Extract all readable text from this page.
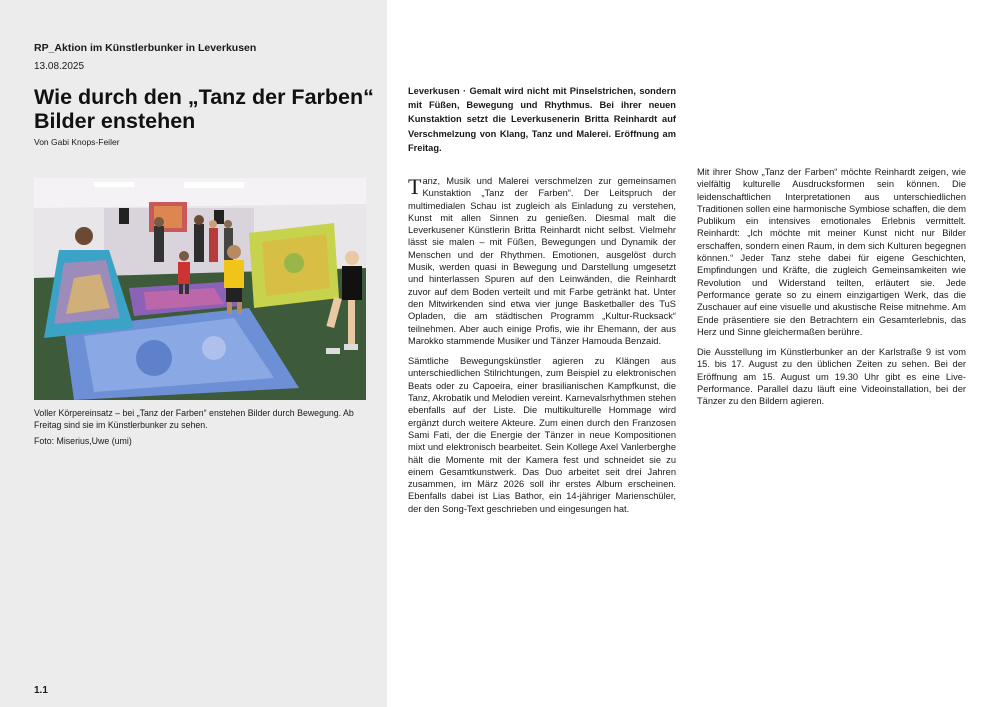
RP_Aktion im Künstlerbunker in Leverkusen
13.08.2025
Wie durch den „Tanz der Farben“ Bilder enstehen
Von Gabi Knops-Feiler
Voller Körpereinsatz – bei „Tanz der Farben“ enstehen Bilder durch Bewegung. Ab Freitag sind sie im Künstlerbunker zu sehen.
Foto: Miserius,Uwe (umi)
1.1

Leverkusen · Gemalt wird nicht mit Pinselstrichen, sondern mit Füßen, Bewegung und Rhythmus. Bei ihrer neuen Kunstaktion setzt die Leverkusenerin Britta Reinhardt auf Verschmelzung von Klang, Tanz und Malerei. Eröffnung am Freitag.

Tanz, Musik und Malerei verschmelzen zur gemeinsamen Kunstaktion „Tanz der Farben“. Der Leitspruch der multimedialen Schau ist zugleich als Einladung zu verstehen, Kunst mit allen Sinnen zu genießen. Diesmal malt die Leverkusener Künstlerin Britta Reinhardt nicht selbst. Vielmehr lässt sie malen – mit Füßen, Bewegungen und Dynamik der Menschen und der Rhythmen. Emotionen, ausgelöst durch Musik, werden quasi in Bewegung und Darstellung umgesetzt und hinterlassen Spuren auf den Leinwänden, die Reinhardt zuvor auf dem Boden verteilt und mit Farbe getränkt hat. Unter den Mitwirkenden sind etwa vier junge Basketballer des TuS Opladen, die am städtischen Programm „Kultur-Rucksack“ teilnehmen. Aber auch einige Profis, wie ihr Ehemann, der aus Marokko stammende Musiker und Tänzer Hamouda Benzaid.

Sämtliche Bewegungskünstler agieren zu Klängen aus unterschiedlichen Stilrichtungen, zum Beispiel zu elektronischen Beats oder zu Capoeira, einer brasilianischen Kampfkunst, die Tanz, Akrobatik und Melodien vereint. Karnevalsrhythmen stehen ebenfalls auf der Liste. Die multikulturelle Hommage wird ergänzt durch weitere Akteure. Zum einen durch den Franzosen Sami Fati, der die Energie der Tänzer in neue Kompositionen mixt und elektronisch bearbeitet. Sein Kollege Axel Vanlerberghe hält die Momente mit der Kamera fest und schneidet sie zu einem Gesamtkunstwerk. Das Duo arbeitet seit drei Jahren zusammen, im März 2026 soll ihr erstes Album erscheinen. Ebenfalls dabei ist Lias Bathor, ein 14-jähriger Marienschüler, der den Song-Text geschrieben und eingesungen hat.

Mit ihrer Show „Tanz der Farben“ möchte Reinhardt zeigen, wie vielfältig kulturelle Ausdrucksformen sein können. Die leidenschaftlichen Interpretationen aus unterschiedlichen Traditionen sollen eine harmonische Symbiose schaffen, die dem Publikum ein intensives emotionales Erlebnis vermittelt. Reinhardt: „Ich möchte mit meiner Kunst nicht nur Bilder erschaffen, sondern einen Raum, in dem sich Kulturen begegnen können.“ Jeder Tanz stehe dabei für eigene Geschichten, Empfindungen und Kräfte, die zugleich Gemeinsamkeiten wie Revolution und Widerstand teilten, erläutert sie. Jede Performance gerate so zu einem einzigartigen Werk, das die Zuschauer auf eine visuelle und akustische Reise mitnehme. Am Ende präsentiere sie den Betrachtern ein Gesamterlebnis, das Herz und Sinne gleichermaßen berühre.

Die Ausstellung im Künstlerbunker an der Karlstraße 9 ist vom 15. bis 17. August zu den üblichen Zeiten zu sehen. Bei der Eröffnung am 15. August um 19.30 Uhr gibt es eine Live-Performance. Parallel dazu läuft eine Videoinstallation, bei der Tänzer zu den Bildern agieren.
